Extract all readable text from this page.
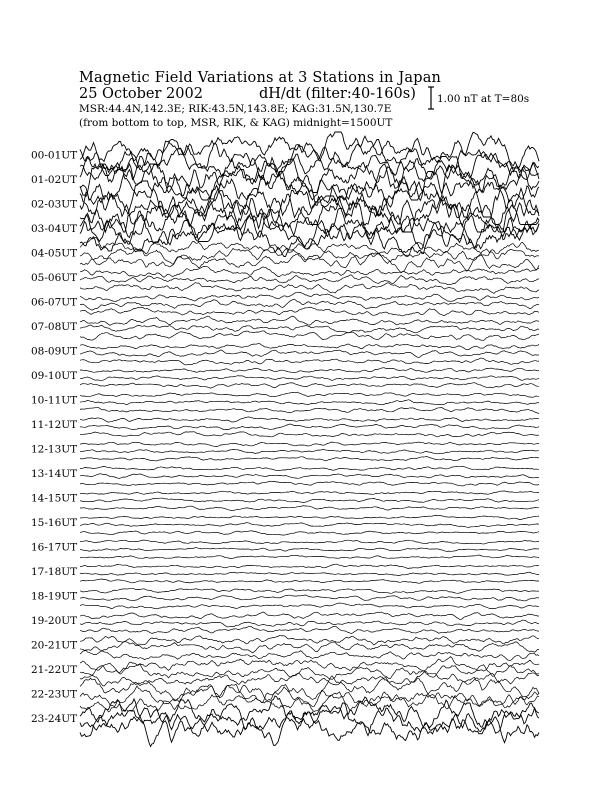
Magnetic Field Variations at 3 Stations in Japan
25 October 2002	dH/dt (filter:40-160s)
MSR:44.4N,142.3E; RIK:43.5N,143.8E; KAG:31.5N,130.7E
(from bottom to top, MSR, RIK, & KAG) midnight=1500UT
1.00 nT at T=80s
00-01UT
01-02UT
02-03UT
03-04UT
04-05UT
05-06UT
06-07UT
07-08UT
08-09UT
09-10UT
10-11UT
11-12UT
12-13UT
13-14UT
14-15UT
15-16UT
16-17UT
17-18UT
18-19UT
19-20UT
20-21UT
21-22UT
22-23UT
23-24UT
